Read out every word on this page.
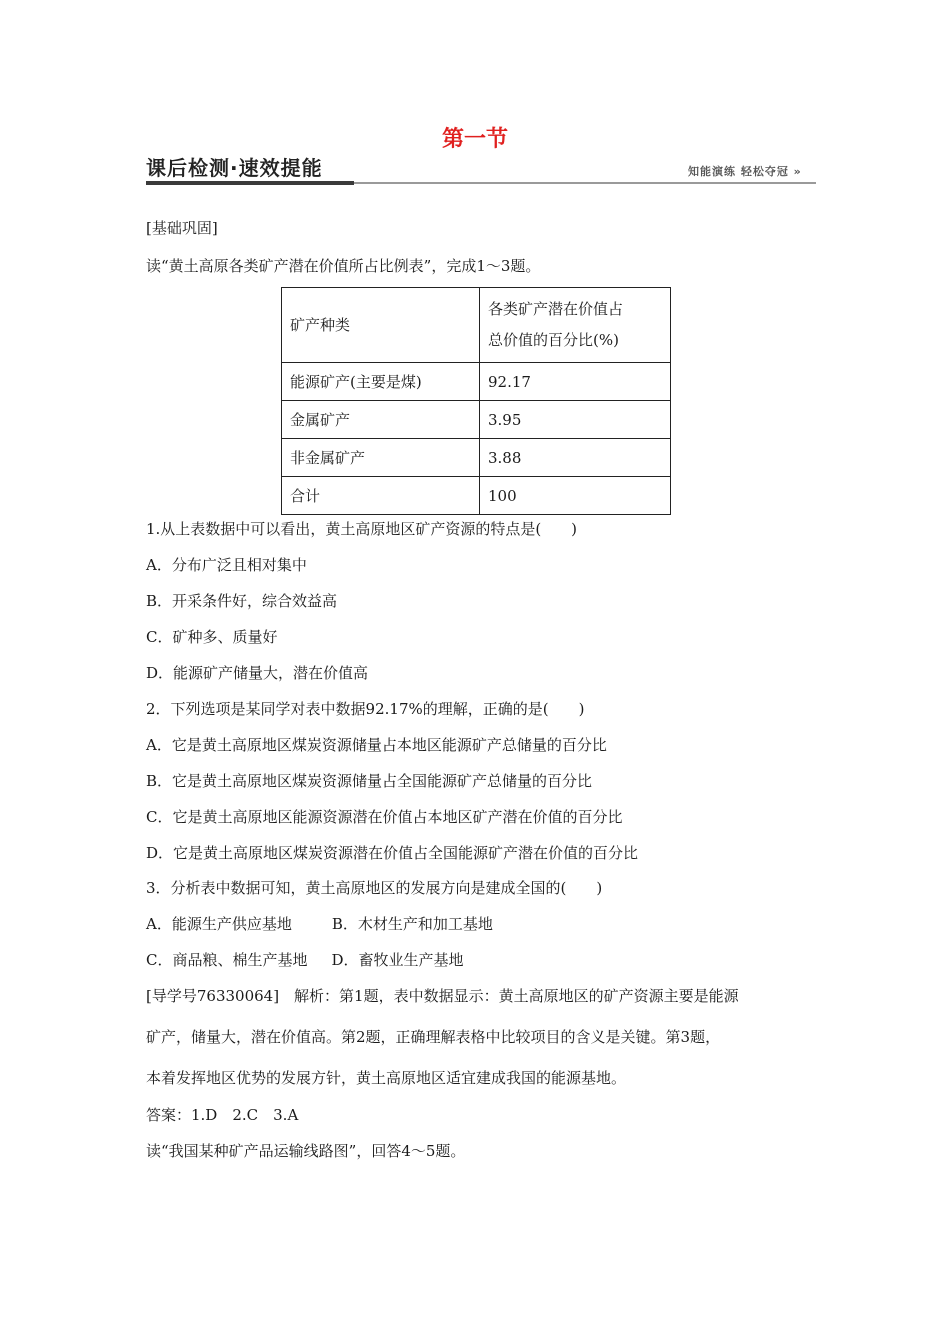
第一节
课后检测·速效提能	知能演练 轻松夺冠 »
[基础巩固]
读“黄土高原各类矿产潜在价值所占比例表”，完成1～3题。
矿产种类	各类矿产潜在价值占
总价值的百分比(%)

能源矿产(主要是煤)	92.17
金属矿产	3.95
非金属矿产	3.88
合计	100
1.从上表数据中可以看出，黄土高原地区矿产资源的特点是(　　)
A．分布广泛且相对集中
B．开采条件好，综合效益高
C．矿种多、质量好
D．能源矿产储量大，潜在价值高
2．下列选项是某同学对表中数据92.17%的理解，正确的是(　　)
A．它是黄土高原地区煤炭资源储量占本地区能源矿产总储量的百分比
B．它是黄土高原地区煤炭资源储量占全国能源矿产总储量的百分比
C．它是黄土高原地区能源资源潜在价值占本地区矿产潜在价值的百分比
D．它是黄土高原地区煤炭资源潜在价值占全国能源矿产潜在价值的百分比
3．分析表中数据可知，黄土高原地区的发展方向是建成全国的(　　)
A．能源生产供应基地	B．木材生产和加工基地
C．商品粮、棉生产基地 D．畜牧业生产基地
[导学号76330064]　解析：第1题，表中数据显示：黄土高原地区的矿产资源主要是能源
矿产，储量大，潜在价值高。第2题，正确理解表格中比较项目的含义是关键。第3题，
本着发挥地区优势的发展方针，黄土高原地区适宜建成我国的能源基地。
答案：1.D　2.C　3.A
读“我国某种矿产品运输线路图”，回答4～5题。
